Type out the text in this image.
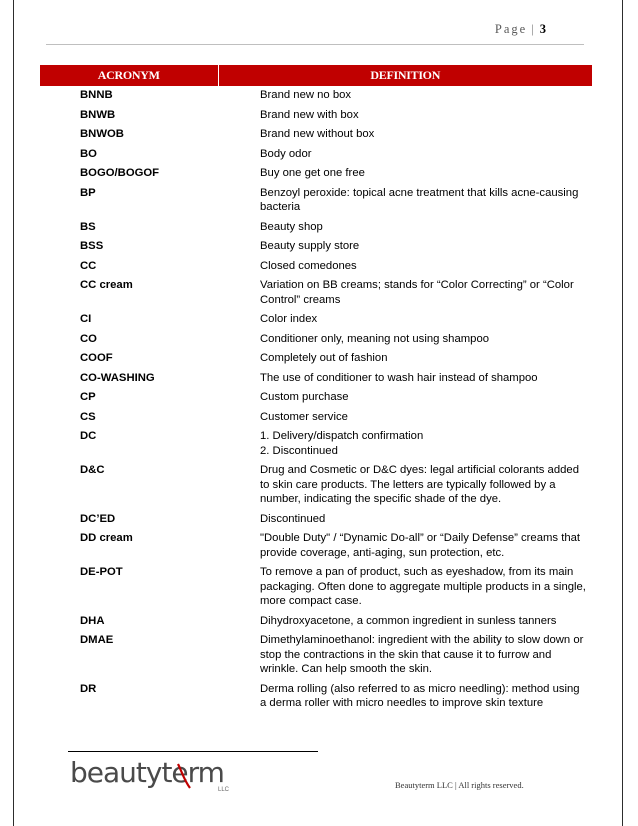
Page | 3
ACRONYM	DEFINITION
BNNB	Brand new no box

BNWB	Brand new with box

BNWOB	Brand new without box

BO	Body odor

BOGO/BOGOF	Buy one get one free

BP	Benzoyl peroxide: topical acne treatment that kills acne-causing bacteria

BS	Beauty shop

BSS	Beauty supply store

CC	Closed comedones

CC cream	Variation on BB creams; stands for “Color Correcting” or “Color Control” creams

CI	Color index

CO	Conditioner only, meaning not using shampoo

COOF	Completely out of fashion

CO-WASHING	The use of conditioner to wash hair instead of shampoo

CP	Custom purchase

CS	Customer service

DC	1. Delivery/dispatch confirmation
2. Discontinued

D&C	Drug and Cosmetic or D&C dyes: legal artificial colorants added to skin care products. The letters are typically followed by a number, indicating the specific shade of the dye.

DC’ED	Discontinued

DD cream	"Double Duty" / “Dynamic Do-all” or “Daily Defense” creams that provide coverage, anti-aging, sun protection, etc.

DE-POT	To remove a pan of product, such as eyeshadow, from its main packaging. Often done to aggregate multiple products in a single, more compact case.

DHA	Dihydroxyacetone, a common ingredient in sunless tanners

DMAE	Dimethylaminoethanol: ingredient with the ability to slow down or stop the contractions in the skin that cause it to furrow and wrinkle. Can help smooth the skin.

DR	Derma rolling (also referred to as micro needling): method using a derma roller with micro needles to improve skin texture
beautyterm
LLC	Beautyterm LLC | All rights reserved.
